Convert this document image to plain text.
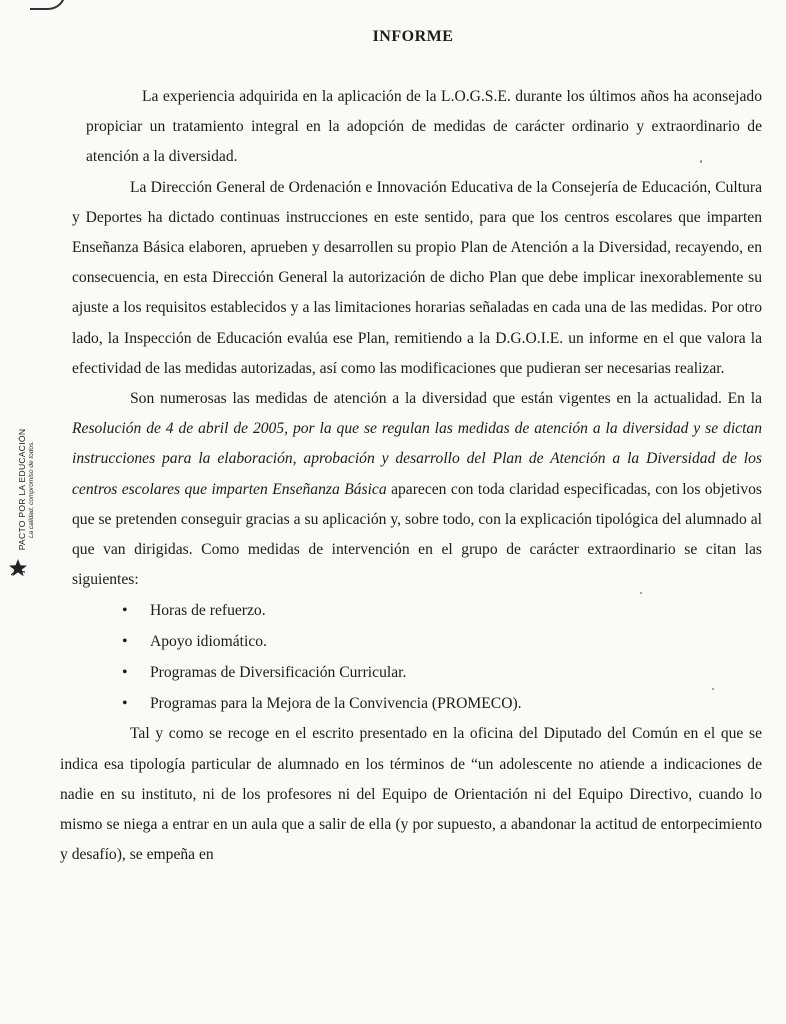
INFORME
PACTO POR LA EDUCACIÓN La calidad, compromiso de todos.

La experiencia adquirida en la aplicación de la L.O.G.S.E. durante los últimos años ha aconsejado propiciar un tratamiento integral en la adopción de medidas de carácter ordinario y extraordinario de atención a la diversidad.

La Dirección General de Ordenación e Innovación Educativa de la Consejería de Educación, Cultura y Deportes ha dictado continuas instrucciones en este sentido, para que los centros escolares que imparten Enseñanza Básica elaboren, aprueben y desarrollen su propio Plan de Atención a la Diversidad, recayendo, en consecuencia, en esta Dirección General la autorización de dicho Plan que debe implicar inexorablemente su ajuste a los requisitos establecidos y a las limitaciones horarias señaladas en cada una de las medidas. Por otro lado, la Inspección de Educación evalúa ese Plan, remitiendo a la D.G.O.I.E. un informe en el que valora la efectividad de las medidas autorizadas, así como las modificaciones que pudieran ser necesarias realizar.

Son numerosas las medidas de atención a la diversidad que están vigentes en la actualidad. En la Resolución de 4 de abril de 2005, por la que se regulan las medidas de atención a la diversidad y se dictan instrucciones para la elaboración, aprobación y desarrollo del Plan de Atención a la Diversidad de los centros escolares que imparten Enseñanza Básica aparecen con toda claridad especificadas, con los objetivos que se pretenden conseguir gracias a su aplicación y, sobre todo, con la explicación tipológica del alumnado al que van dirigidas. Como medidas de intervención en el grupo de carácter extraordinario se citan las siguientes:

• Horas de refuerzo.
• Apoyo idiomático.
• Programas de Diversificación Curricular.
• Programas para la Mejora de la Convivencia (PROMECO).

Tal y como se recoge en el escrito presentado en la oficina del Diputado del Común en el que se indica esa tipología particular de alumnado en los términos de “un adolescente no atiende a indicaciones de nadie en su instituto, ni de los profesores ni del Equipo de Orientación ni del Equipo Directivo, cuando lo mismo se niega a entrar en un aula que a salir de ella (y por supuesto, a abandonar la actitud de entorpecimiento y desafío), se empeña en
